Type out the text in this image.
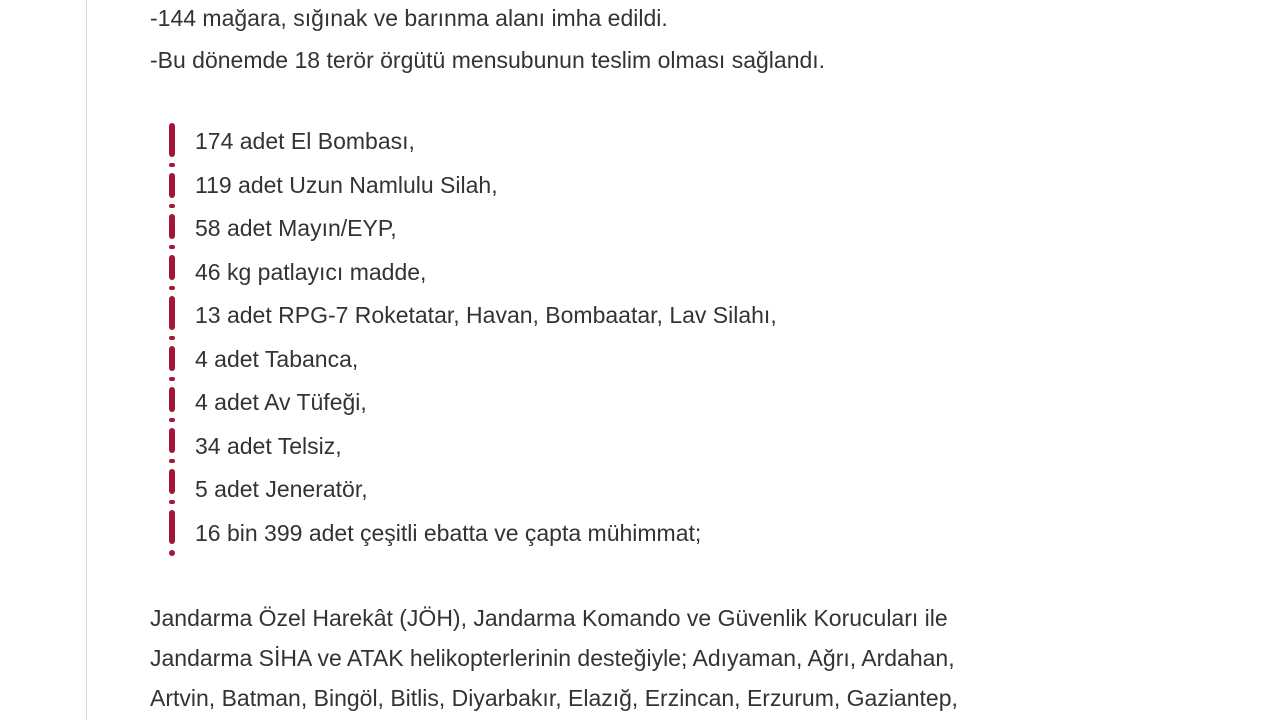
-144 mağara, sığınak ve barınma alanı imha edildi.
-Bu dönemde 18 terör örgütü mensubunun teslim olması sağlandı.
174 adet El Bombası,
119 adet Uzun Namlulu Silah,
58 adet Mayın/EYP,
46 kg patlayıcı madde,
13 adet RPG-7 Roketatar, Havan, Bombaatar, Lav Silahı,
4 adet Tabanca,
4 adet Av Tüfeği,
34 adet Telsiz,
5 adet Jeneratör,
16 bin 399 adet çeşitli ebatta ve çapta mühimmat;
Jandarma Özel Harekât (JÖH), Jandarma Komando ve Güvenlik Korucuları ile
Jandarma SİHA ve ATAK helikopterlerinin desteğiyle; Adıyaman, Ağrı, Ardahan,
Artvin, Batman, Bingöl, Bitlis, Diyarbakır, Elazığ, Erzincan, Erzurum, Gaziantep,
